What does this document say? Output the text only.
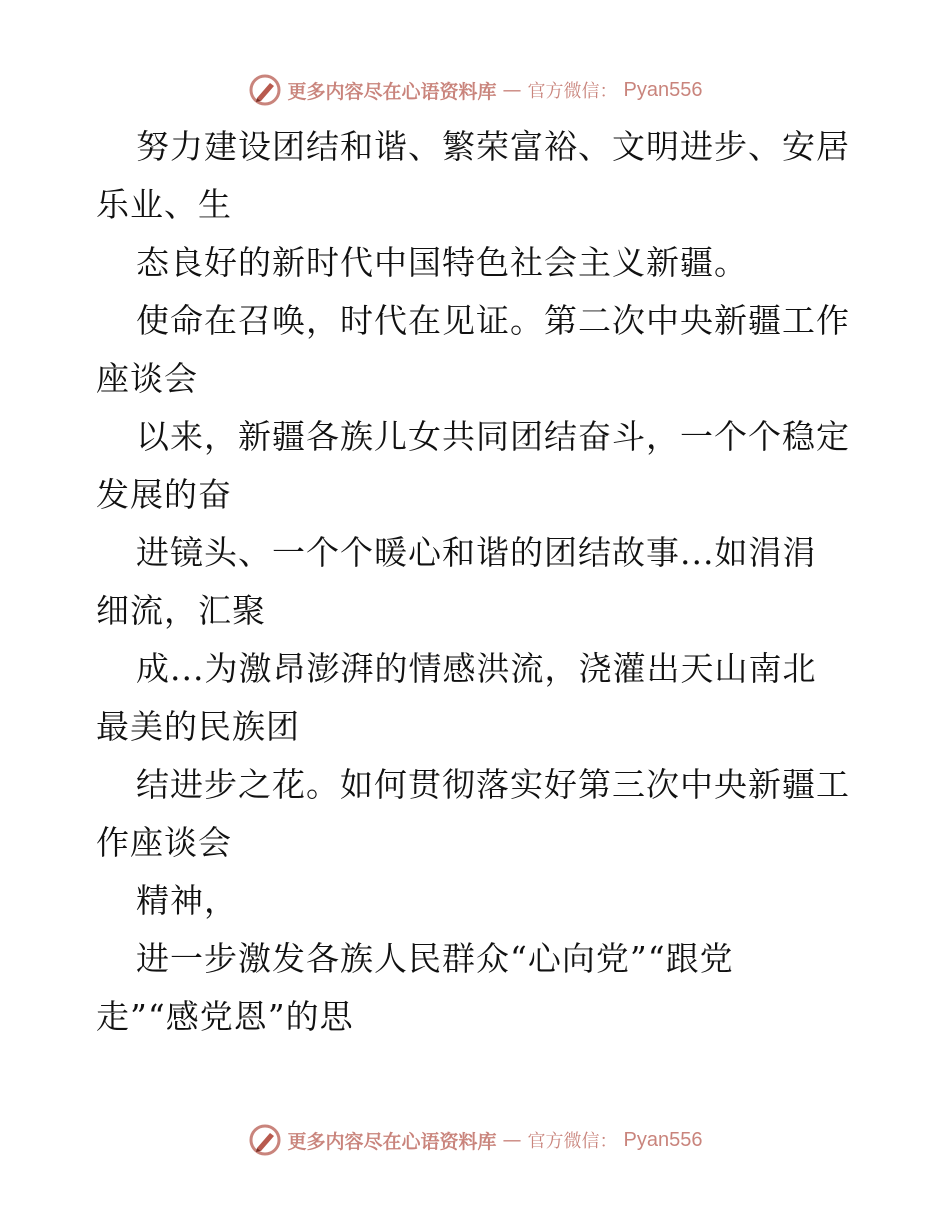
更多内容尽在心语资料库 — 官方微信： Pyan556
努力建设团结和谐、繁荣富裕、文明进步、安居
乐业、生
态良好的新时代中国特色社会主义新疆。
使命在召唤，时代在见证。第二次中央新疆工作
座谈会
以来，新疆各族儿女共同团结奋斗，一个个稳定
发展的奋
进镜头、一个个暖心和谐的团结故事...如涓涓
细流，汇聚
成...为激昂澎湃的情感洪流，浇灌出天山南北
最美的民族团
结进步之花。如何贯彻落实好第三次中央新疆工
作座谈会
精神，
进一步激发各族人民群众“心向党”“跟党
走”“感党恩”的思
更多内容尽在心语资料库 — 官方微信： Pyan556
